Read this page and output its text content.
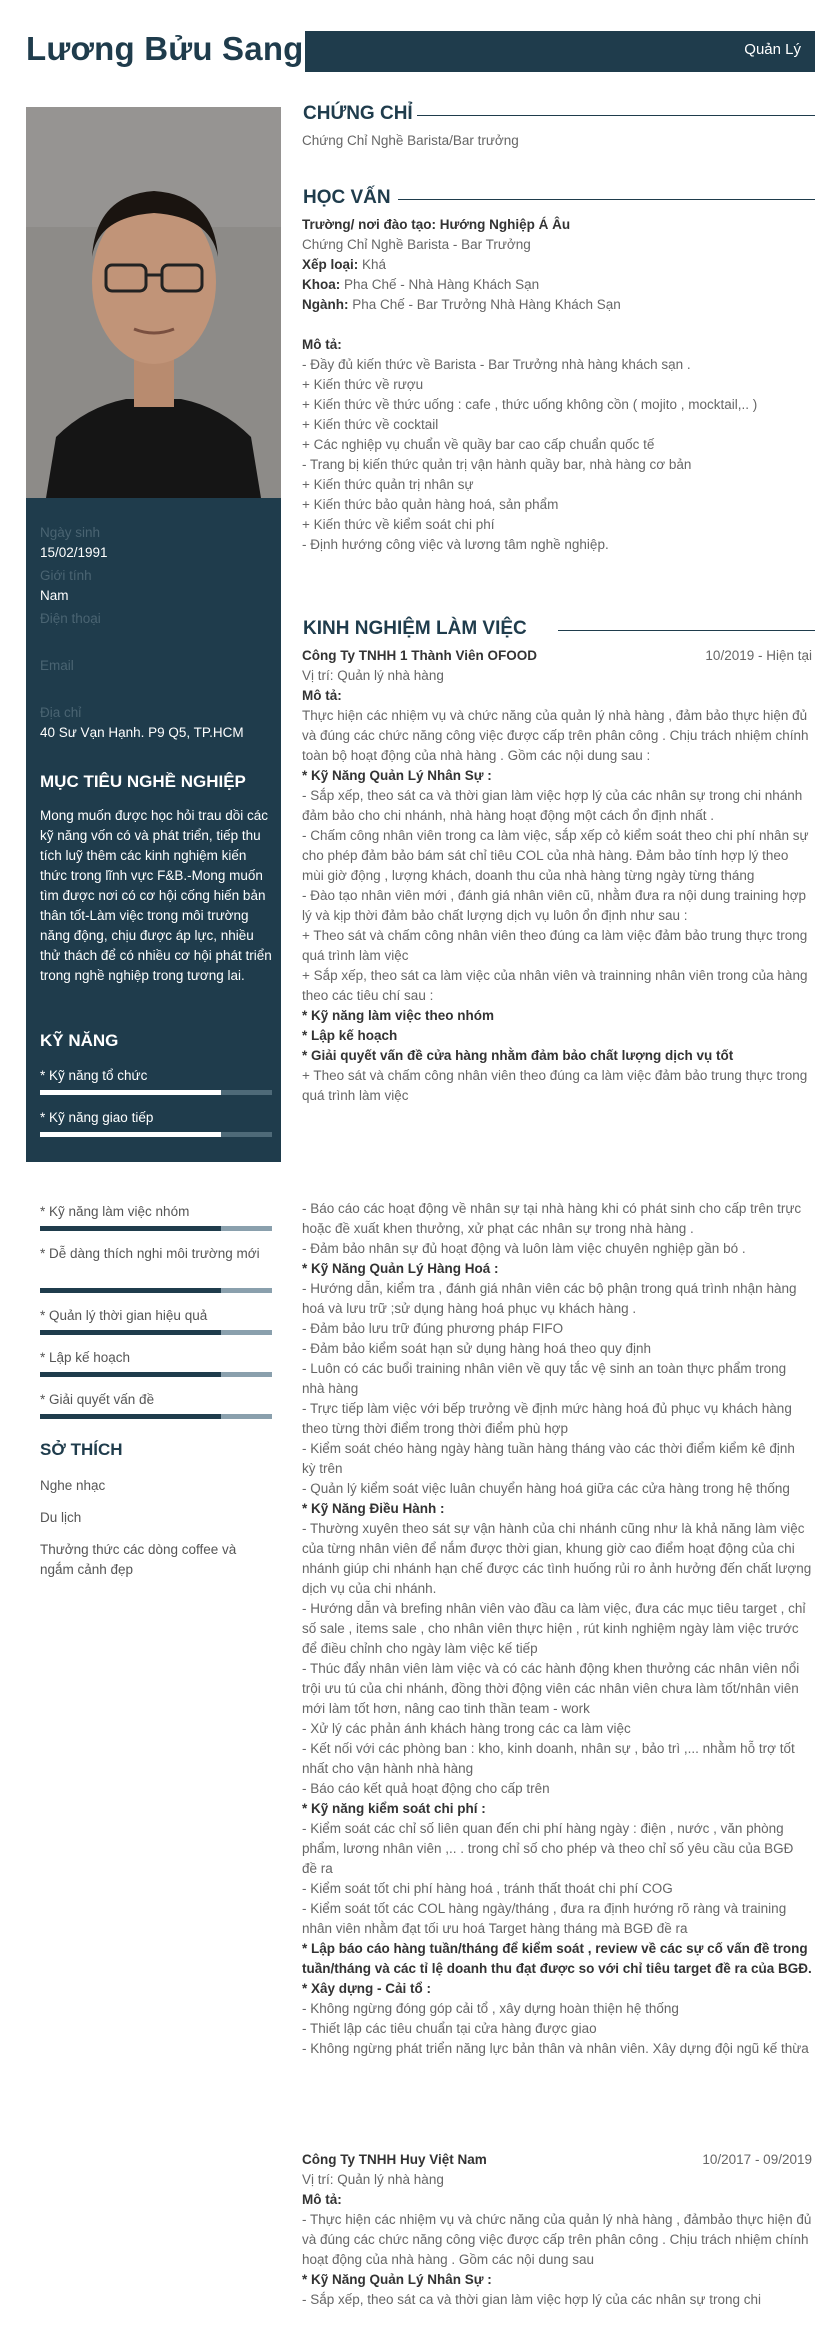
Lương Bửu Sang	Quản Lý
Ngày sinh
15/02/1991
Giới tính
Nam
Điện thoại
Email
Địa chỉ
40 Sư Vạn Hạnh. P9 Q5, TP.HCM
MỤC TIÊU NGHỀ NGHIỆP
Mong muốn được học hỏi trau dồi các kỹ năng vốn có và phát triển, tiếp thu tích luỹ thêm các kinh nghiệm kiến thức trong lĩnh vực F&B.-Mong muốn tìm được nơi có cơ hội cống hiến bản thân tốt-Làm việc trong môi trường năng động, chịu được áp lực, nhiều thử thách để có nhiều cơ hội phát triển trong nghề nghiệp trong tương lai.
KỸ NĂNG
* Kỹ năng tổ chức
* Kỹ năng giao tiếp
* Kỹ năng làm việc nhóm
* Dễ dàng thích nghi môi trường mới
* Quản lý thời gian hiệu quả
* Lập kế hoạch
* Giải quyết vấn đề
SỞ THÍCH
Nghe nhạc
Du lịch
Thưởng thức các dòng coffee và ngắm cảnh đẹp
CHỨNG CHỈ
Chứng Chỉ Nghề Barista/Bar trưởng
HỌC VẤN
Trường/ nơi đào tạo: Hướng Nghiệp Á Âu
Chứng Chỉ Nghề Barista - Bar Trưởng
Xếp loại: Khá
Khoa: Pha Chế - Nhà Hàng Khách Sạn
Ngành: Pha Chế - Bar Trưởng Nhà Hàng Khách Sạn
Mô tả:
- Đầy đủ kiến thức về Barista - Bar Trưởng nhà hàng khách sạn .
+ Kiến thức về rượu
+ Kiến thức về thức uống : cafe , thức uống không cồn ( mojito , mocktail,.. )
+ Kiến thức về cocktail
+ Các nghiệp vụ chuẩn về quầy bar cao cấp chuẩn quốc tế
- Trang bị kiến thức quản trị vận hành quầy bar, nhà hàng cơ bản
+ Kiến thức quản trị nhân sự
+ Kiến thức bảo quản hàng hoá, sản phẩm
+ Kiến thức về kiểm soát chi phí
- Định hướng công việc và lương tâm nghề nghiệp.
KINH NGHIỆM LÀM VIỆC
Công Ty TNHH 1 Thành Viên OFOOD	10/2019 - Hiện tại
Vị trí: Quản lý nhà hàng
Mô tả:
Thực hiện các nhiệm vụ và chức năng của quản lý nhà hàng , đảm bảo thực hiện đủ và đúng các chức năng công việc được cấp trên phân công . Chịu trách nhiệm chính toàn bộ hoạt động của nhà hàng . Gồm các nội dung sau :
* Kỹ Năng Quản Lý Nhân Sự :
- Sắp xếp, theo sát ca và thời gian làm việc hợp lý của các nhân sự trong chi nhánh đảm bảo cho chi nhánh, nhà hàng hoạt động một cách ổn định nhất .
- Chấm công nhân viên trong ca làm việc, sắp xếp cỏ kiểm soát theo chi phí nhân sự cho phép đảm bảo bám sát chỉ tiêu COL của nhà hàng. Đảm bảo tính hợp lý theo mùi giờ động , lượng khách, doanh thu của nhà hàng từng ngày từng tháng
- Đào tạo nhân viên mới , đánh giá nhân viên cũ, nhằm đưa ra nội dung training hợp lý và kịp thời đảm bảo chất lượng dịch vụ luôn ổn định như sau :
+ Theo sát và chấm công nhân viên theo đúng ca làm việc đảm bảo trung thực trong quá trình làm việc
+ Sắp xếp, theo sát ca làm việc của nhân viên và trainning nhân viên trong của hàng theo các tiêu chí sau :
* Kỹ năng làm việc theo nhóm
* Lập kế hoạch
* Giải quyết vấn đề cửa hàng nhằm đảm bảo chất lượng dịch vụ tốt
+ Theo sát và chấm công nhân viên theo đúng ca làm việc đảm bảo trung thực trong quá trình làm việc
- Báo cáo các hoạt động về nhân sự tại nhà hàng khi có phát sinh cho cấp trên trực hoặc đề xuất khen thưởng, xử phạt các nhân sự trong nhà hàng .
- Đảm bảo nhân sự đủ hoạt động và luôn làm việc chuyên nghiệp gần bó .
* Kỹ Năng Quản Lý Hàng Hoá :
- Hướng dẫn, kiểm tra , đánh giá nhân viên các bộ phận trong quá trình nhận hàng hoá và lưu trữ ;sử dụng hàng hoá phục vụ khách hàng .
- Đảm bảo lưu trữ đúng phương pháp FIFO
- Đảm bảo kiểm soát hạn sử dụng hàng hoá theo quy định
- Luôn có các buổi training nhân viên về quy tắc vệ sinh an toàn thực phẩm trong nhà hàng
- Trực tiếp làm việc với bếp trưởng về định mức hàng hoá đủ phục vụ khách hàng theo từng thời điểm trong thời điểm phù hợp
- Kiểm soát chéo hàng ngày hàng tuần hàng tháng vào các thời điểm kiểm kê định kỳ trên
- Quản lý kiểm soát việc luân chuyển hàng hoá giữa các cửa hàng trong hệ thống
* Kỹ Năng Điều Hành :
- Thường xuyên theo sát sự vận hành của chi nhánh cũng như là khả năng làm việc của từng nhân viên để nắm được thời gian, khung giờ cao điểm hoạt động của chi nhánh giúp chi nhánh hạn chế được các tình huống rủi ro ảnh hưởng đến chất lượng dịch vụ của chi nhánh.
- Hướng dẫn và brefing nhân viên vào đầu ca làm việc, đưa các mục tiêu target , chỉ số sale , items sale , cho nhân viên thực hiện , rút kinh nghiệm ngày làm việc trước để điều chỉnh cho ngày làm việc kế tiếp
- Thúc đẩy nhân viên làm việc và có các hành động khen thưởng các nhân viên nổi trội ưu tú của chi nhánh, đồng thời động viên các nhân viên chưa làm tốt/nhân viên mới làm tốt hơn, nâng cao tinh thần team - work
- Xử lý các phản ánh khách hàng trong các ca làm việc
- Kết nối với các phòng ban : kho, kinh doanh, nhân sự , bảo trì ,... nhằm hỗ trợ tốt nhất cho vận hành nhà hàng
- Báo cáo kết quả hoạt động cho cấp trên
* Kỹ năng kiểm soát chi phí :
- Kiểm soát các chỉ số liên quan đến chi phí hàng ngày : điện , nước , văn phòng phẩm, lương nhân viên ,.. . trong chỉ số cho phép và theo chỉ số yêu cầu của BGĐ đề ra
- Kiểm soát tốt chi phí hàng hoá , tránh thất thoát chi phí COG
- Kiểm soát tốt các COL hàng ngày/tháng , đưa ra định hướng rõ ràng và training nhân viên nhằm đạt tối ưu hoá Target hàng tháng mà BGĐ đề ra
* Lập báo cáo hàng tuần/tháng để kiểm soát , review về các sự cố vấn đề trong tuần/tháng và các tỉ lệ doanh thu đạt được so với chỉ tiêu target đề ra của BGĐ.
* Xây dựng - Cải tổ :
- Không ngừng đóng góp cải tổ , xây dựng hoàn thiện hệ thống
- Thiết lập các tiêu chuẩn tại cửa hàng được giao
- Không ngừng phát triển năng lực bản thân và nhân viên. Xây dựng đội ngũ kế thừa
Công Ty TNHH Huy Việt Nam	10/2017 - 09/2019
Vị trí: Quản lý nhà hàng
Mô tả:
- Thực hiện các nhiệm vụ và chức năng của quản lý nhà hàng , đảmbảo thực hiện đủ và đúng các chức năng công việc được cấp trên phân công . Chịu trách nhiệm chính hoạt động của nhà hàng . Gồm các nội dung sau
* Kỹ Năng Quản Lý Nhân Sự :
- Sắp xếp, theo sát ca và thời gian làm việc hợp lý của các nhân sự trong chi
